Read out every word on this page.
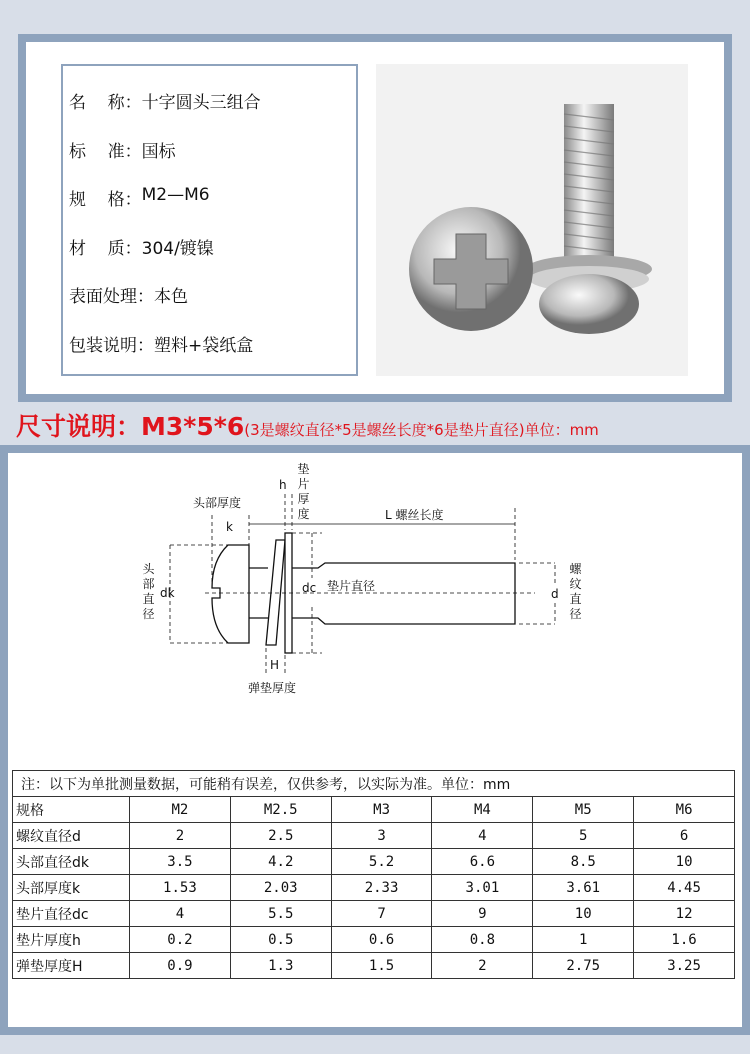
名    称： 十字圆头三组合
标    准： 国标
规    格： M2—M6
材    质： 304/镀镍
表面处理： 本色
包装说明： 塑料+袋纸盒
尺寸说明：M3*5*6(3是螺纹直径*5是螺丝长度*6是垫片直径)单位：mm
头部厚度
k
h
垫片厚度	L 螺丝长度
头部直径
dk	dc 垫片直径
d
螺纹直径
H
弹垫厚度
注：以下为单批测量数据，可能稍有误差，仅供参考，以实际为准。单位：mm						
规格	M2	M2.5	M3	M4	M5	M6
螺纹直径d	2	2.5	3	4	5	6
头部直径dk	3.5	4.2	5.2	6.6	8.5	10
头部厚度k	1.53	2.03	2.33	3.01	3.61	4.45
垫片直径dc	4	5.5	7	9	10	12
垫片厚度h	0.2	0.5	0.6	0.8	1	1.6
弹垫厚度H	0.9	1.3	1.5	2	2.75	3.25
